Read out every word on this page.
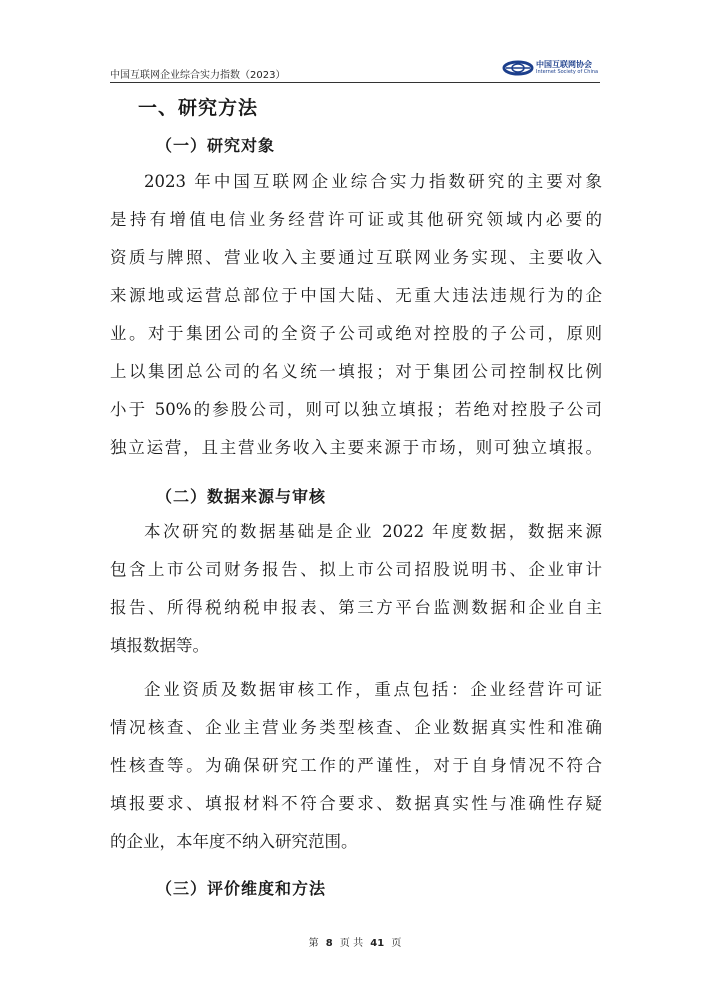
中国互联网企业综合实力指数（2023）
中国互联网协会
Internet Society of China
一、研究方法
（一）研究对象
2023 年中国互联网企业综合实力指数研究的主要对象
是持有增值电信业务经营许可证或其他研究领域内必要的
资质与牌照、营业收入主要通过互联网业务实现、主要收入
来源地或运营总部位于中国大陆、无重大违法违规行为的企
业。对于集团公司的全资子公司或绝对控股的子公司，原则
上以集团总公司的名义统一填报；对于集团公司控制权比例
小于 50%的参股公司，则可以独立填报；若绝对控股子公司
独立运营，且主营业务收入主要来源于市场，则可独立填报。
（二）数据来源与审核
本次研究的数据基础是企业 2022 年度数据，数据来源
包含上市公司财务报告、拟上市公司招股说明书、企业审计
报告、所得税纳税申报表、第三方平台监测数据和企业自主
填报数据等。
企业资质及数据审核工作，重点包括：企业经营许可证
情况核查、企业主营业务类型核查、企业数据真实性和准确
性核查等。为确保研究工作的严谨性，对于自身情况不符合
填报要求、填报材料不符合要求、数据真实性与准确性存疑
的企业，本年度不纳入研究范围。
（三）评价维度和方法
第 8 页 共 41 页
